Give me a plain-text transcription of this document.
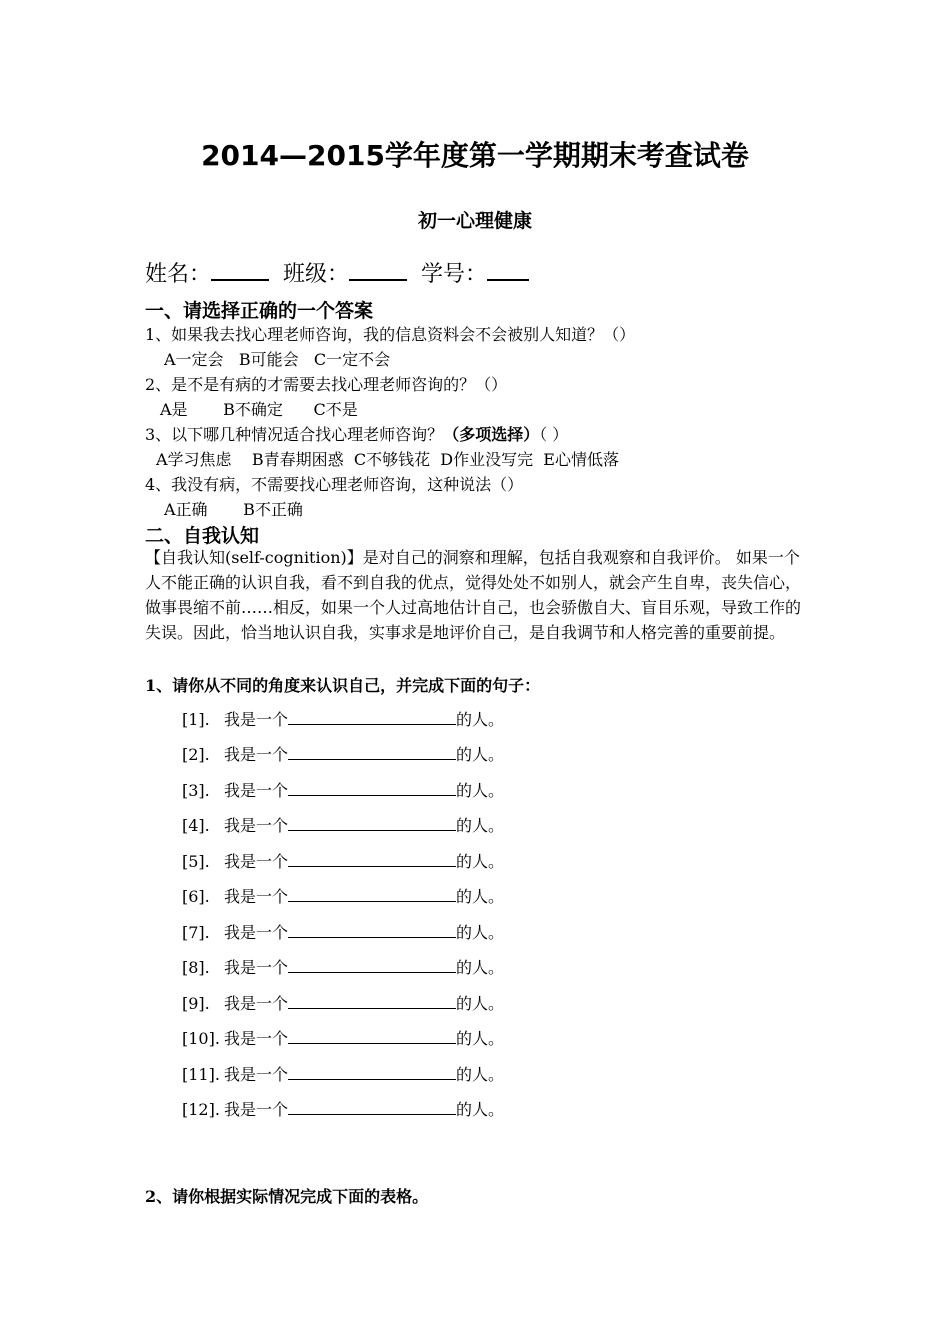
2014—2015学年度第一学期期末考查试卷
初一心理健康
姓名：	班级：	学号：
一、请选择正确的一个答案
1、如果我去找心理老师咨询，我的信息资料会不会被别人知道？（）
A一定会 B可能会 C一定不会
2、是不是有病的才需要去找心理老师咨询的？（）
A是 B不确定 C不是
3、以下哪几种情况适合找心理老师咨询？（多项选择）（ ）
A学习焦虑 B青春期困惑 C不够钱花 D作业没写完 E心情低落
4、我没有病，不需要找心理老师咨询，这种说法（）
A正确 B不正确
二、自我认知
【自我认知(self-cognition)】是对自己的洞察和理解，包括自我观察和自我评价。 如果一个人不能正确的认识自我，看不到自我的优点，觉得处处不如别人，就会产生自卑，丧失信心，做事畏缩不前……相反，如果一个人过高地估计自己，也会骄傲自大、盲目乐观，导致工作的失误。因此，恰当地认识自我，实事求是地评价自己，是自我调节和人格完善的重要前提。
1、请你从不同的角度来认识自己，并完成下面的句子：
[1]. 我是一个	的人。
[2]. 我是一个	的人。
[3]. 我是一个	的人。
[4]. 我是一个	的人。
[5]. 我是一个	的人。
[6]. 我是一个	的人。
[7]. 我是一个	的人。
[8]. 我是一个	的人。
[9]. 我是一个	的人。
[10]. 我是一个	的人。
[11]. 我是一个	的人。
[12]. 我是一个	的人。
2、请你根据实际情况完成下面的表格。
